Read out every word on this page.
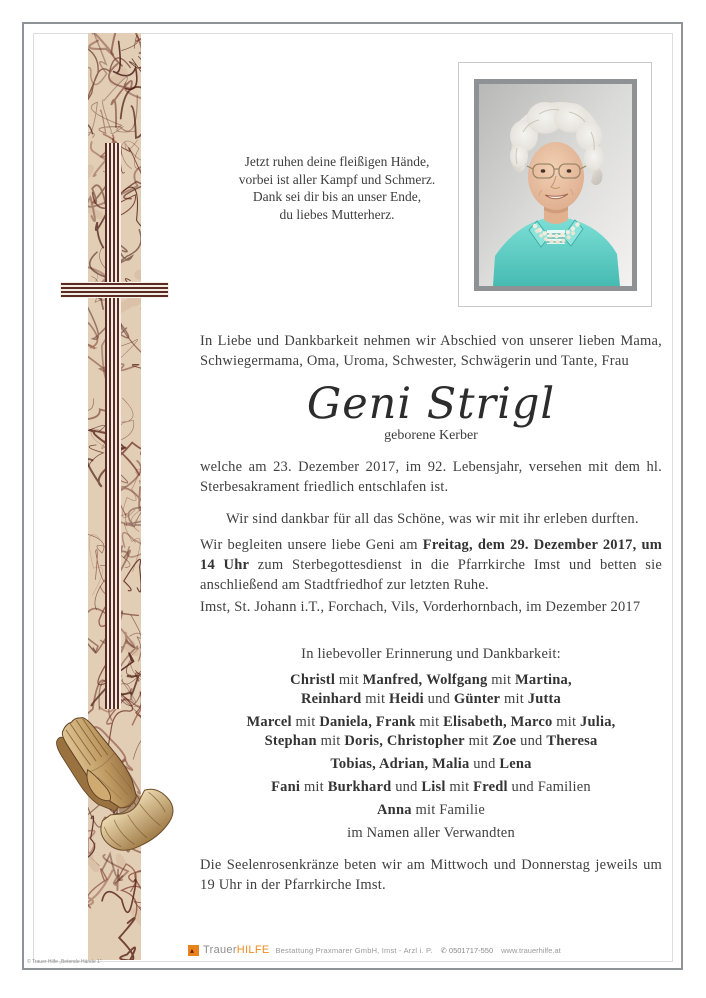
Jetzt ruhen deine fleißigen Hände,
vorbei ist aller Kampf und Schmerz.
Dank sei dir bis an unser Ende,
du liebes Mutterherz.
In Liebe und Dankbarkeit nehmen wir Abschied von unserer lieben Mama, Schwiegermama, Oma, Uroma, Schwester, Schwägerin und Tante, Frau
Geni Strigl
geborene Kerber
welche am 23. Dezember 2017, im 92. Lebensjahr, versehen mit dem hl. Sterbesakrament friedlich entschlafen ist.
Wir sind dankbar für all das Schöne, was wir mit ihr erleben durften.
Wir begleiten unsere liebe Geni am Freitag, dem 29. Dezember 2017, um 14 Uhr zum Sterbegottesdienst in die Pfarrkirche Imst und betten sie anschließend am Stadtfriedhof zur letzten Ruhe.
Imst, St. Johann i.T., Forchach, Vils, Vorderhornbach, im Dezember 2017
In liebevoller Erinnerung und Dankbarkeit:
Christl mit Manfred, Wolfgang mit Martina,
Reinhard mit Heidi und Günter mit Jutta
Marcel mit Daniela, Frank mit Elisabeth, Marco mit Julia,
Stephan mit Doris, Christopher mit Zoe und Theresa
Tobias, Adrian, Malia und Lena
Fani mit Burkhard und Lisl mit Fredl und Familien
Anna mit Familie
im Namen aller Verwandten
Die Seelenrosenkränze beten wir am Mittwoch und Donnerstag jeweils um 19 Uhr in der Pfarrkirche Imst.
▴ TrauerHILFE Bestattung Praxmarer GmbH, Imst - Arzl i. P. ✆ 0501717-550 www.trauerhilfe.at
© Trauer Hilfe „Betende Hände 1“
